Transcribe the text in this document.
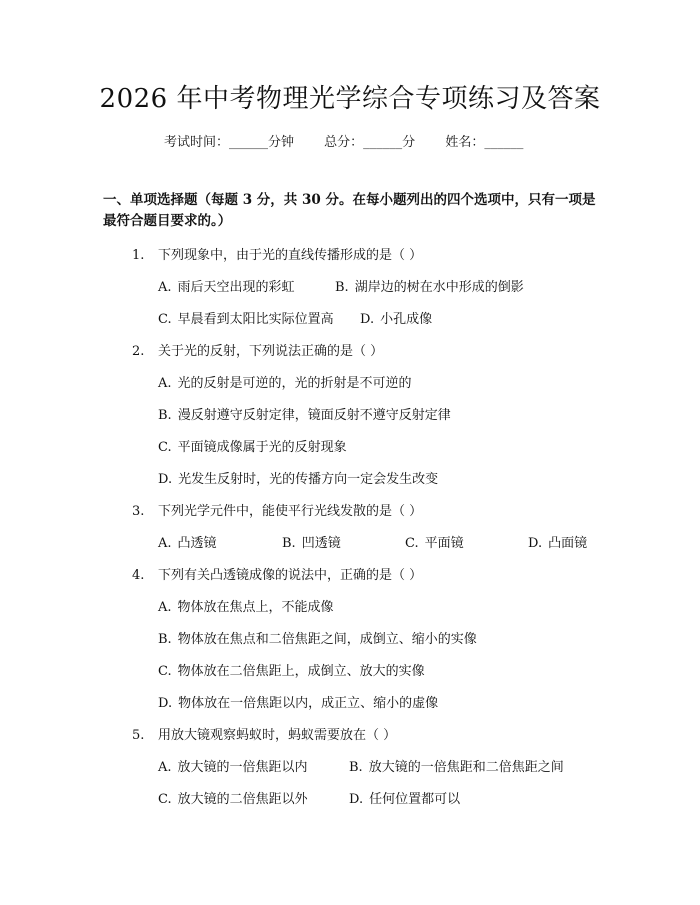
2026 年中考物理光学综合专项练习及答案
考试时间：______分钟 总分：______分 姓名：______
一、单项选择题（每题 3 分，共 30 分。在每小题列出的四个选项中，只有一项是最符合题目要求的。）
1. 下列现象中，由于光的直线传播形成的是（ ）
A. 雨后天空出现的彩虹	B. 湖岸边的树在水中形成的倒影
C. 早晨看到太阳比实际位置高 D. 小孔成像
2. 关于光的反射，下列说法正确的是（ ）
A. 光的反射是可逆的，光的折射是不可逆的
B. 漫反射遵守反射定律，镜面反射不遵守反射定律
C. 平面镜成像属于光的反射现象
D. 光发生反射时，光的传播方向一定会发生改变
3. 下列光学元件中，能使平行光线发散的是（ ）
A. 凸透镜	B. 凹透镜	C. 平面镜	D. 凸面镜
4. 下列有关凸透镜成像的说法中，正确的是（ ）
A. 物体放在焦点上，不能成像
B. 物体放在焦点和二倍焦距之间，成倒立、缩小的实像
C. 物体放在二倍焦距上，成倒立、放大的实像
D. 物体放在一倍焦距以内，成正立、缩小的虚像
5. 用放大镜观察蚂蚁时，蚂蚁需要放在（ ）
A. 放大镜的一倍焦距以内	B. 放大镜的一倍焦距和二倍焦距之间
C. 放大镜的二倍焦距以外	D. 任何位置都可以
